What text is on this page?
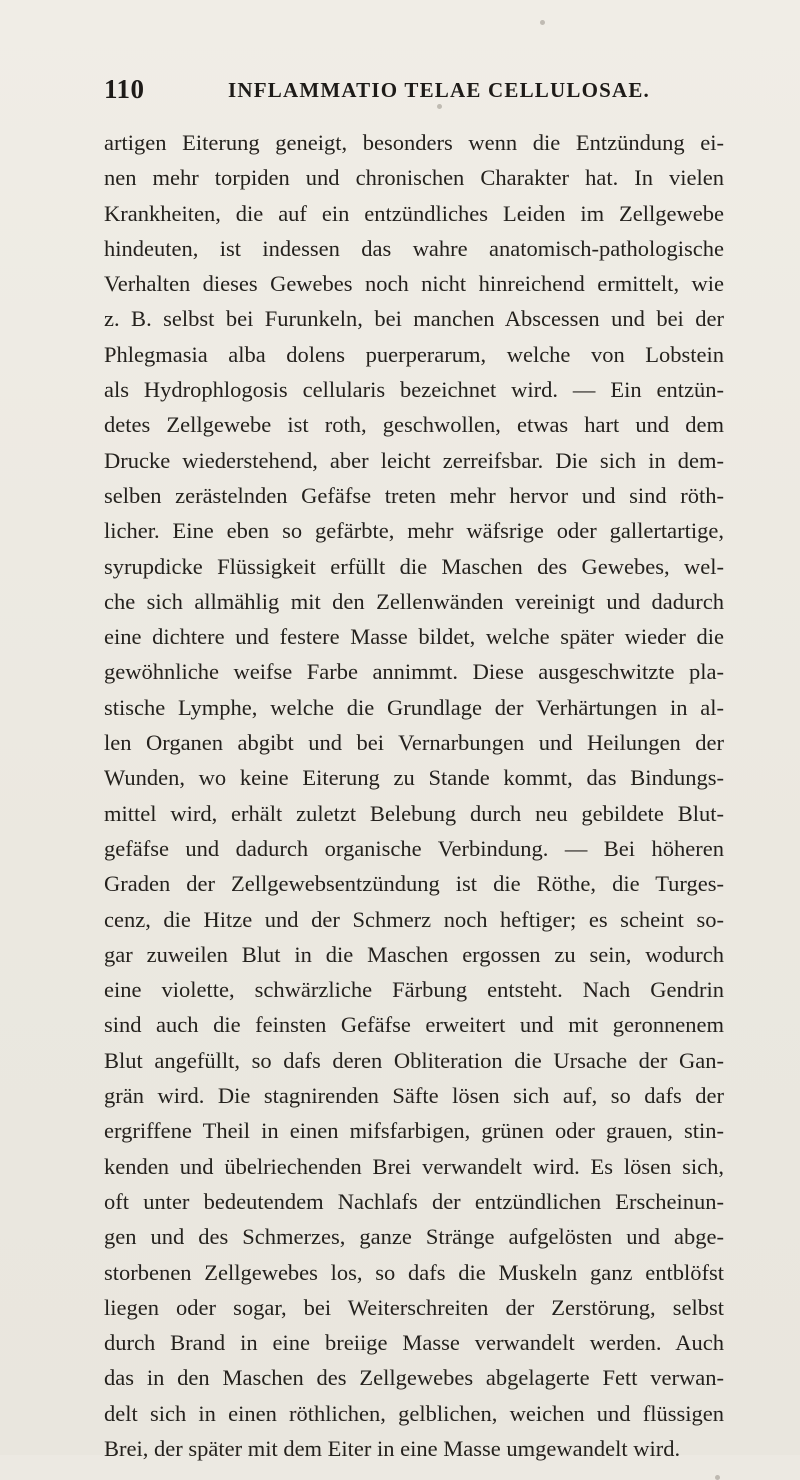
110	INFLAMMATIO TELAE CELLULOSAE.
artigen Eiterung geneigt, besonders wenn die Entzündung ei-
nen mehr torpiden und chronischen Charakter hat. In vielen
Krankheiten, die auf ein entzündliches Leiden im Zellgewebe
hindeuten, ist indessen das wahre anatomisch-pathologische
Verhalten dieses Gewebes noch nicht hinreichend ermittelt, wie
z. B. selbst bei Furunkeln, bei manchen Abscessen und bei der
Phlegmasia alba dolens puerperarum, welche von Lobstein
als Hydrophlogosis cellularis bezeichnet wird. — Ein entzün-
detes Zellgewebe ist roth, geschwollen, etwas hart und dem
Drucke wiederstehend, aber leicht zerreifsbar. Die sich in dem-
selben zerästelnden Gefäfse treten mehr hervor und sind röth-
licher. Eine eben so gefärbte, mehr wäfsrige oder gallertartige,
syrupdicke Flüssigkeit erfüllt die Maschen des Gewebes, wel-
che sich allmählig mit den Zellenwänden vereinigt und dadurch
eine dichtere und festere Masse bildet, welche später wieder die
gewöhnliche weifse Farbe annimmt. Diese ausgeschwitzte pla-
stische Lymphe, welche die Grundlage der Verhärtungen in al-
len Organen abgibt und bei Vernarbungen und Heilungen der
Wunden, wo keine Eiterung zu Stande kommt, das Bindungs-
mittel wird, erhält zuletzt Belebung durch neu gebildete Blut-
gefäfse und dadurch organische Verbindung. — Bei höheren
Graden der Zellgewebsentzündung ist die Röthe, die Turges-
cenz, die Hitze und der Schmerz noch heftiger; es scheint so-
gar zuweilen Blut in die Maschen ergossen zu sein, wodurch
eine violette, schwärzliche Färbung entsteht. Nach Gendrin
sind auch die feinsten Gefäfse erweitert und mit geronnenem
Blut angefüllt, so dafs deren Obliteration die Ursache der Gan-
grän wird. Die stagnirenden Säfte lösen sich auf, so dafs der
ergriffene Theil in einen mifsfarbigen, grünen oder grauen, stin-
kenden und übelriechenden Brei verwandelt wird. Es lösen sich,
oft unter bedeutendem Nachlafs der entzündlichen Erscheinun-
gen und des Schmerzes, ganze Stränge aufgelösten und abge-
storbenen Zellgewebes los, so dafs die Muskeln ganz entblöfst
liegen oder sogar, bei Weiterschreiten der Zerstörung, selbst
durch Brand in eine breiige Masse verwandelt werden. Auch
das in den Maschen des Zellgewebes abgelagerte Fett verwan-
delt sich in einen röthlichen, gelblichen, weichen und flüssigen
Brei, der später mit dem Eiter in eine Masse umgewandelt wird.
